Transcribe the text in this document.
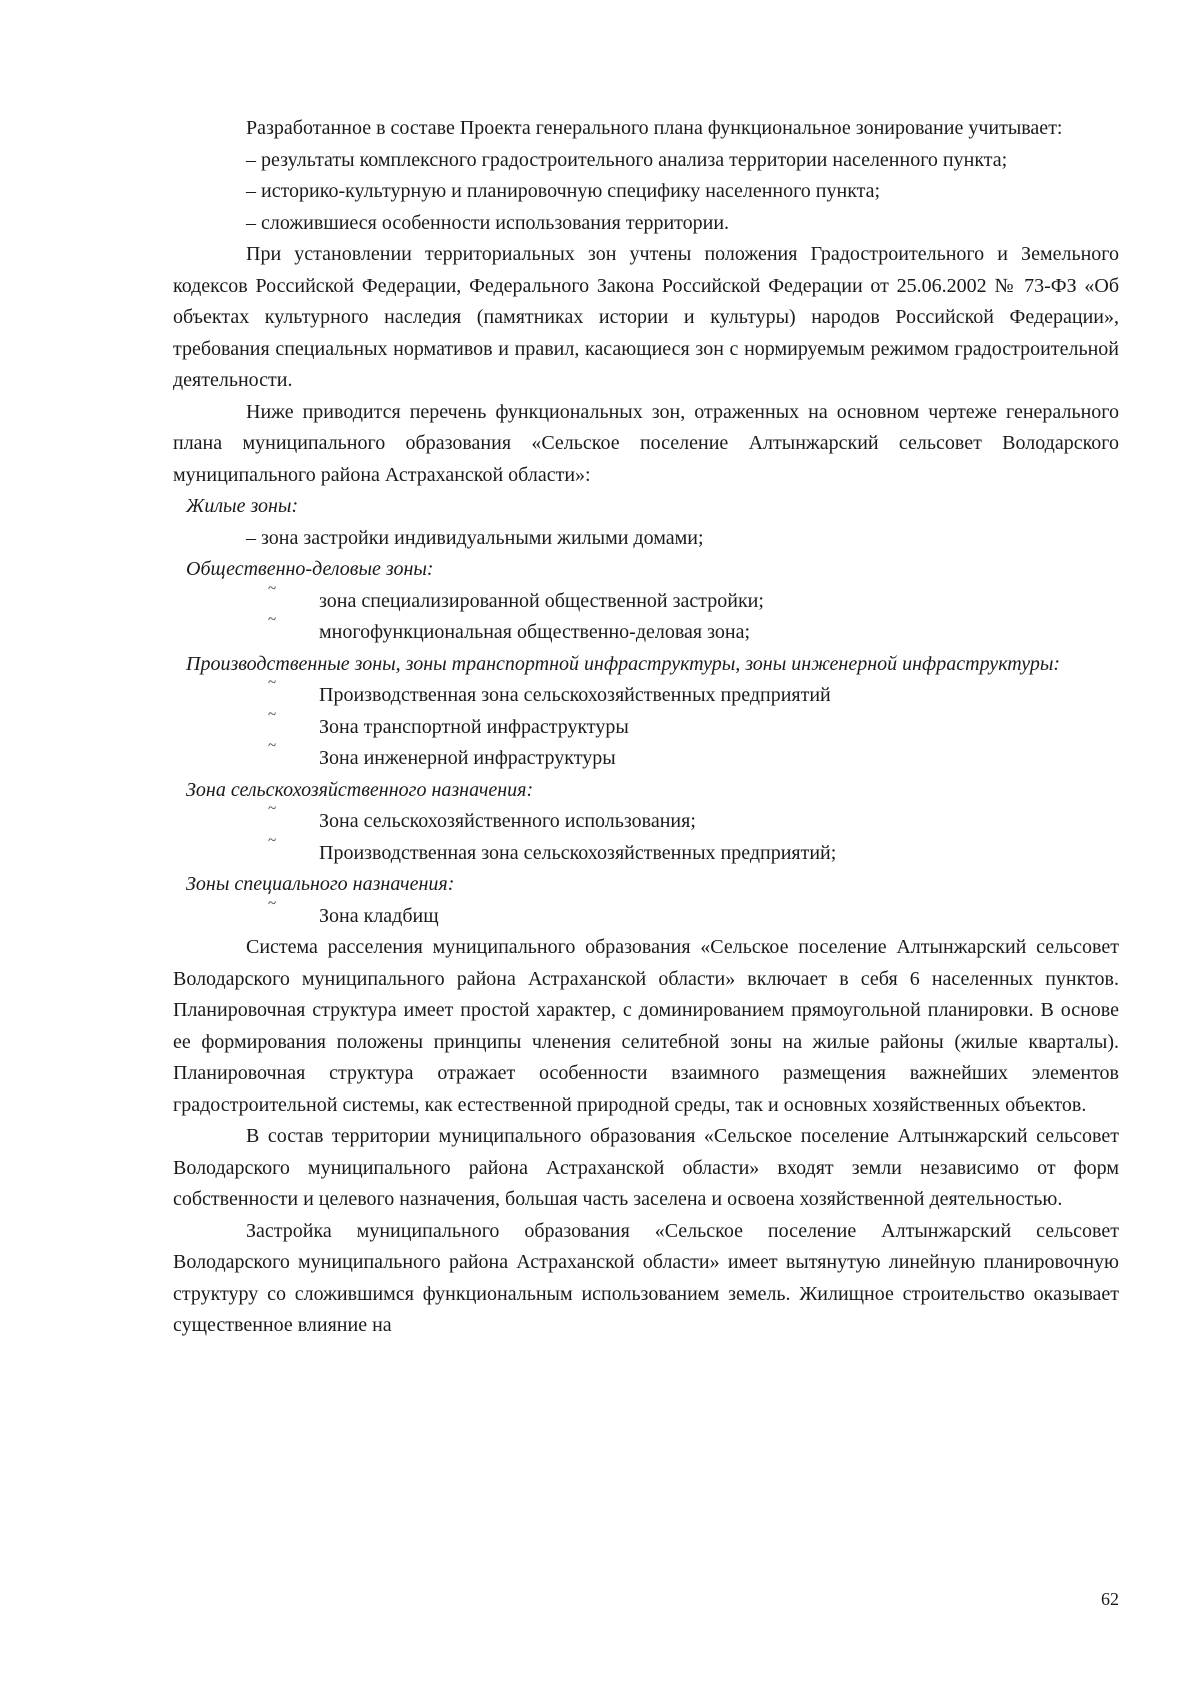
Разработанное в составе Проекта генерального плана функциональное зонирование учитывает:

– результаты комплексного градостроительного анализа территории населенного пункта;

– историко-культурную и планировочную специфику населенного пункта;

– сложившиеся особенности использования территории.

При установлении территориальных зон учтены положения Градостроительного и Земельного кодексов Российской Федерации, Федерального Закона Российской Федерации от 25.06.2002 № 73-ФЗ «Об объектах культурного наследия (памятниках истории и культуры) народов Российской Федерации», требования специальных нормативов и правил, касающиеся зон с нормируемым режимом градостроительной деятельности.

Ниже приводится перечень функциональных зон, отраженных на основном чертеже генерального плана муниципального образования «Сельское поселение Алтынжарский сельсовет Володарского муниципального района Астраханской области»:

Жилые зоны:

– зона застройки индивидуальными жилыми домами;

Общественно-деловые зоны:

~
зона специализированной общественной застройки;

~
многофункциональная общественно-деловая зона;

Производственные зоны, зоны транспортной инфраструктуры, зоны инженерной инфраструктуры:

~
Производственная зона сельскохозяйственных предприятий

~
Зона транспортной инфраструктуры

~
Зона инженерной инфраструктуры

Зона сельскохозяйственного назначения:

~
Зона сельскохозяйственного использования;

~
Производственная зона сельскохозяйственных предприятий;

Зоны специального назначения:

~
Зона кладбищ

Система расселения муниципального образования «Сельское поселение Алтынжарский сельсовет Володарского муниципального района Астраханской области» включает в себя 6 населенных пунктов. Планировочная структура имеет простой характер, с доминированием прямоугольной планировки. В основе ее формирования положены принципы членения селитебной зоны на жилые районы (жилые кварталы). Планировочная структура отражает особенности взаимного размещения важнейших элементов градостроительной системы, как естественной природной среды, так и основных хозяйственных объектов.

В состав территории муниципального образования «Сельское поселение Алтынжарский сельсовет Володарского муниципального района Астраханской области» входят земли независимо от форм собственности и целевого назначения, большая часть заселена и освоена хозяйственной деятельностью.

Застройка муниципального образования «Сельское поселение Алтынжарский сельсовет Володарского муниципального района Астраханской области» имеет вытянутую линейную планировочную структуру со сложившимся функциональным использованием земель. Жилищное строительство оказывает существенное влияние на

62
